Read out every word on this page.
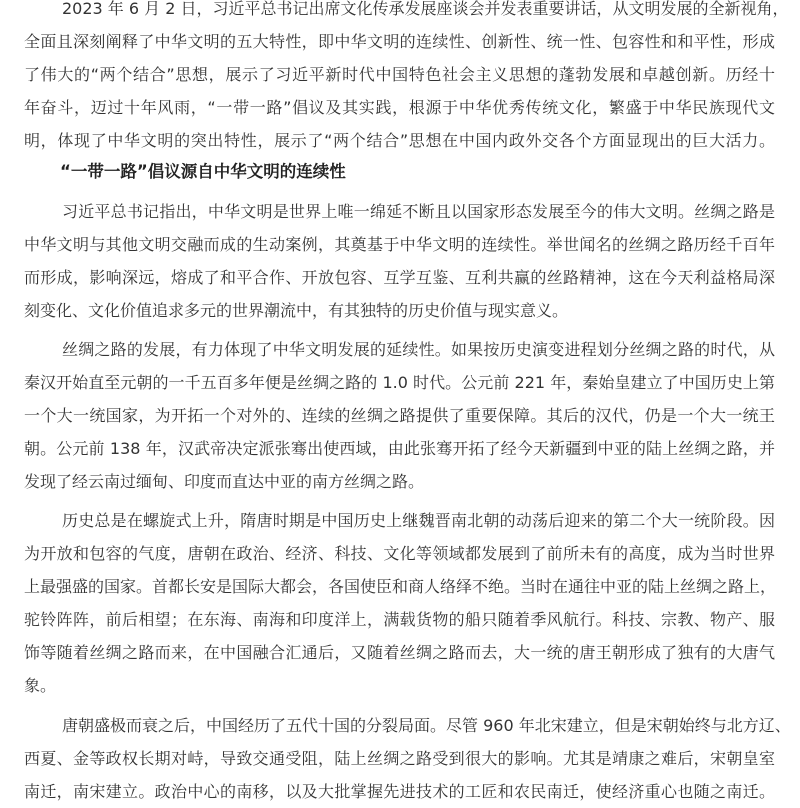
2023 年 6 月 2 日，习近平总书记出席文化传承发展座谈会并发表重要讲话，从文明发展的全新视角，
全面且深刻阐释了中华文明的五大特性，即中华文明的连续性、创新性、统一性、包容性和和平性，形成
了伟大的“两个结合”思想，展示了习近平新时代中国特色社会主义思想的蓬勃发展和卓越创新。历经十
年奋斗，迈过十年风雨，“一带一路”倡议及其实践，根源于中华优秀传统文化，繁盛于中华民族现代文
明，体现了中华文明的突出特性，展示了“两个结合”思想在中国内政外交各个方面显现出的巨大活力。
“一带一路”倡议源自中华文明的连续性
习近平总书记指出，中华文明是世界上唯一绵延不断且以国家形态发展至今的伟大文明。丝绸之路是
中华文明与其他文明交融而成的生动案例，其奠基于中华文明的连续性。举世闻名的丝绸之路历经千百年
而形成，影响深远，熔成了和平合作、开放包容、互学互鉴、互利共赢的丝路精神，这在今天利益格局深
刻变化、文化价值追求多元的世界潮流中，有其独特的历史价值与现实意义。
丝绸之路的发展，有力体现了中华文明发展的延续性。如果按历史演变进程划分丝绸之路的时代，从
秦汉开始直至元朝的一千五百多年便是丝绸之路的 1.0 时代。公元前 221 年，秦始皇建立了中国历史上第
一个大一统国家，为开拓一个对外的、连续的丝绸之路提供了重要保障。其后的汉代，仍是一个大一统王
朝。公元前 138 年，汉武帝决定派张骞出使西域，由此张骞开拓了经今天新疆到中亚的陆上丝绸之路，并
发现了经云南过缅甸、印度而直达中亚的南方丝绸之路。
历史总是在螺旋式上升，隋唐时期是中国历史上继魏晋南北朝的动荡后迎来的第二个大一统阶段。因
为开放和包容的气度，唐朝在政治、经济、科技、文化等领域都发展到了前所未有的高度，成为当时世界
上最强盛的国家。首都长安是国际大都会，各国使臣和商人络绎不绝。当时在通往中亚的陆上丝绸之路上，
驼铃阵阵，前后相望；在东海、南海和印度洋上，满载货物的船只随着季风航行。科技、宗教、物产、服
饰等随着丝绸之路而来，在中国融合汇通后，又随着丝绸之路而去，大一统的唐王朝形成了独有的大唐气
象。
唐朝盛极而衰之后，中国经历了五代十国的分裂局面。尽管 960 年北宋建立，但是宋朝始终与北方辽、
西夏、金等政权长期对峙，导致交通受阻，陆上丝绸之路受到很大的影响。尤其是靖康之难后，宋朝皇室
南迁，南宋建立。政治中心的南移，以及大批掌握先进技术的工匠和农民南迁，使经济重心也随之南迁。
